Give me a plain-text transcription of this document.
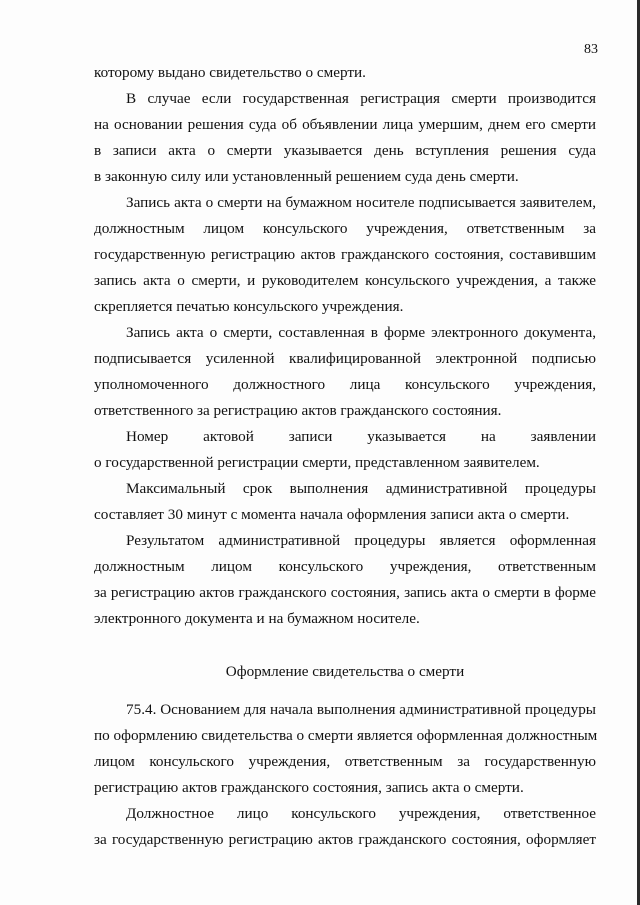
83
которому выдано свидетельство о смерти.
В случае если государственная регистрация смерти производится
на основании решения суда об объявлении лица умершим, днем его смерти
в записи акта о смерти указывается день вступления решения суда
в законную силу или установленный решением суда день смерти.
Запись акта о смерти на бумажном носителе подписывается заявителем,
должностным лицом консульского учреждения, ответственным за
государственную регистрацию актов гражданского состояния, составившим
запись акта о смерти, и руководителем консульского учреждения, а также
скрепляется печатью консульского учреждения.
Запись акта о смерти, составленная в форме электронного документа,
подписывается усиленной квалифицированной электронной подписью
уполномоченного должностного лица консульского учреждения,
ответственного за регистрацию актов гражданского состояния.
Номер актовой записи указывается на заявлении
о государственной регистрации смерти, представленном заявителем.
Максимальный срок выполнения административной процедуры
составляет 30 минут с момента начала оформления записи акта о смерти.
Результатом административной процедуры является оформленная
должностным лицом консульского учреждения, ответственным
за регистрацию актов гражданского состояния, запись акта о смерти в форме
электронного документа и на бумажном носителе.
Оформление свидетельства о смерти
75.4. Основанием для начала выполнения административной процедуры
по оформлению свидетельства о смерти является оформленная должностным
лицом консульского учреждения, ответственным за государственную
регистрацию актов гражданского состояния, запись акта о смерти.
Должностное лицо консульского учреждения, ответственное
за государственную регистрацию актов гражданского состояния, оформляет
